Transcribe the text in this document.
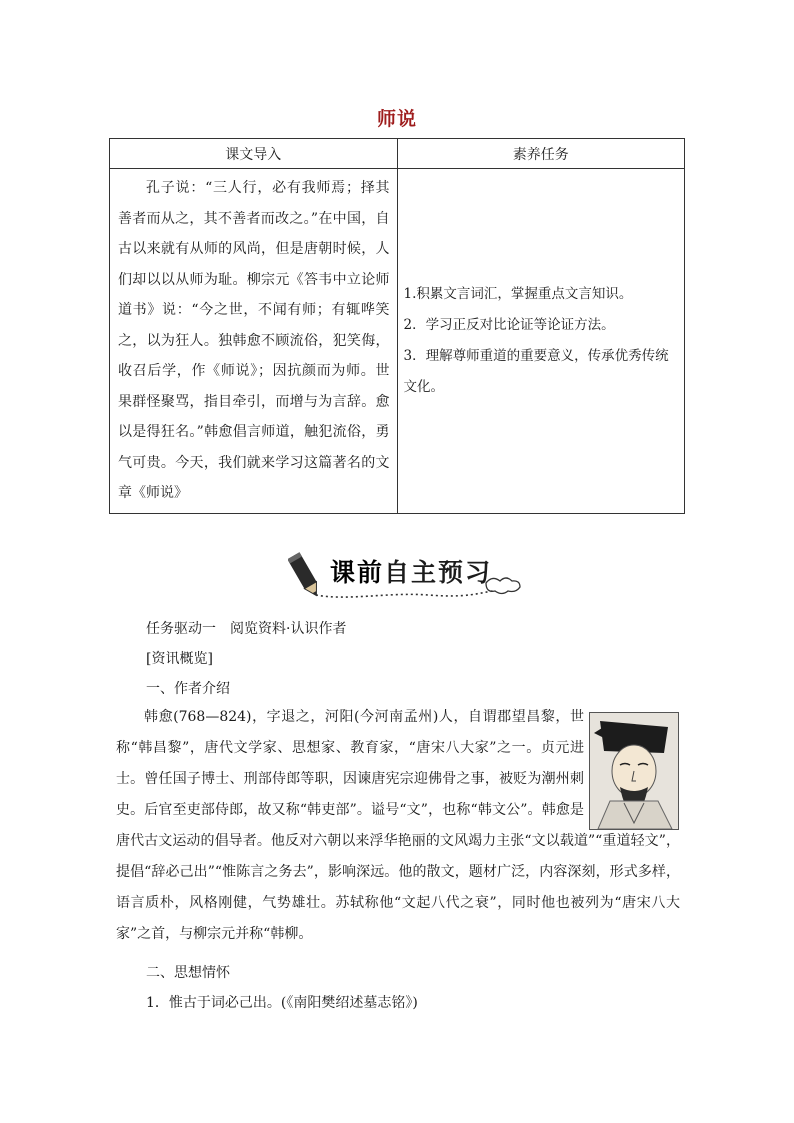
师说
课文导入	素养任务

孔子说：“三人行，必有我师焉；择其善者而从之，其不善者而改之。”在中国，自古以来就有从师的风尚，但是唐朝时候，人们却以以从师为耻。柳宗元《答韦中立论师道书》说：“今之世，不闻有师；有辄哗笑之，以为狂人。独韩愈不顾流俗，犯笑侮，收召后学，作《师说》；因抗颜而为师。世果群怪聚骂，指目牵引，而增与为言辞。愈以是得狂名。”韩愈倡言师道，触犯流俗，勇气可贵。今天，我们就来学习这篇著名的文章《师说》	1.积累文言词汇，掌握重点文言知识。
2．学习正反对比论证等论证方法。
3．理解尊师重道的重要意义，传承优秀传统文化。
课前自主预习
任务驱动一　阅览资料·认识作者
[资讯概览]
一、作者介绍

韩愈(768—824)，字退之，河阳(今河南孟州)人，自谓郡望昌黎，世称“韩昌黎”，唐代文学家、思想家、教育家，“唐宋八大家”之一。贞元进士。曾任国子博士、刑部侍郎等职，因谏唐宪宗迎佛骨之事，被贬为潮州刺史。后官至吏部侍郎，故又称“韩吏部”。谥号“文”，也称“韩文公”。韩愈是唐代古文运动的倡导者。他反对六朝以来浮华艳丽的文风竭力主张“文以载道”“重道轻文”，提倡“辞必己出”“惟陈言之务去”，影响深远。他的散文，题材广泛，内容深刻，形式多样，语言质朴，风格刚健，气势雄壮。苏轼称他“文起八代之衰”，同时他也被列为“唐宋八大家”之首，与柳宗元并称“韩柳。

二、思想情怀
1．惟古于词必己出。(《南阳樊绍述墓志铭》)
